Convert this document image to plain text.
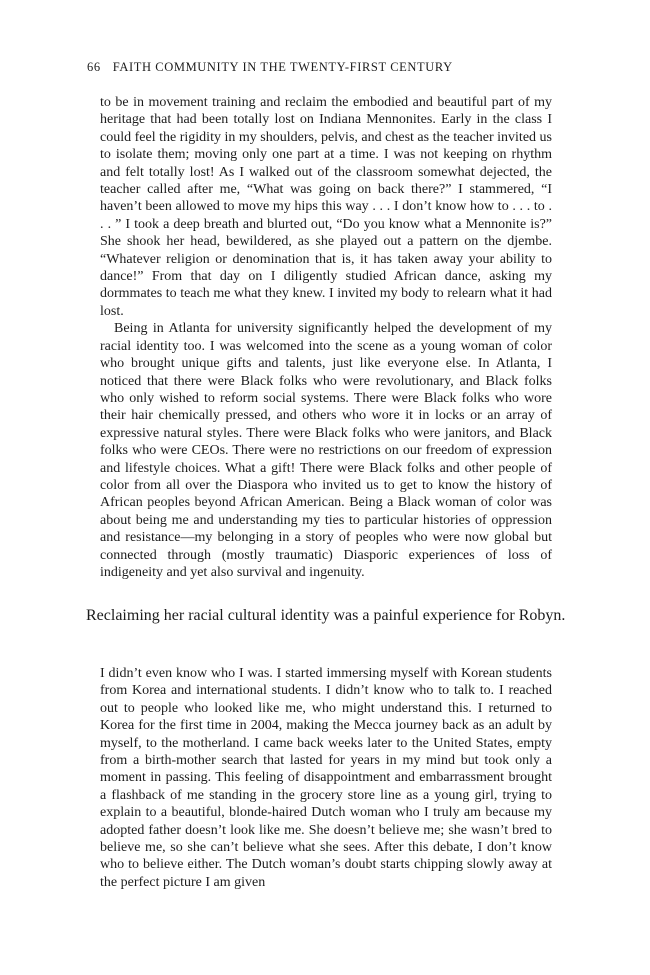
66 FAITH COMMUNITY IN THE TWENTY-FIRST CENTURY

to be in movement training and reclaim the embodied and beautiful part of my heritage that had been totally lost on Indiana Mennonites. Early in the class I could feel the rigidity in my shoulders, pelvis, and chest as the teacher invited us to isolate them; moving only one part at a time. I was not keeping on rhythm and felt totally lost! As I walked out of the classroom somewhat dejected, the teacher called after me, “What was going on back there?” I stammered, “I haven’t been allowed to move my hips this way . . . I don’t know how to . . . to . . . ” I took a deep breath and blurted out, “Do you know what a Mennonite is?” She shook her head, bewildered, as she played out a pattern on the djembe. “Whatever religion or denomination that is, it has taken away your ability to dance!” From that day on I diligently studied African dance, asking my dormmates to teach me what they knew. I invited my body to relearn what it had lost.

Being in Atlanta for university significantly helped the development of my racial identity too. I was welcomed into the scene as a young woman of color who brought unique gifts and talents, just like everyone else. In Atlanta, I noticed that there were Black folks who were revolutionary, and Black folks who only wished to reform social systems. There were Black folks who wore their hair chemically pressed, and others who wore it in locks or an array of expressive natural styles. There were Black folks who were janitors, and Black folks who were CEOs. There were no restrictions on our freedom of expression and lifestyle choices. What a gift! There were Black folks and other people of color from all over the Diaspora who invited us to get to know the history of African peoples beyond African American. Being a Black woman of color was about being me and understanding my ties to particular histories of oppression and resistance—my belonging in a story of peoples who were now global but connected through (mostly traumatic) Diasporic experiences of loss of indigeneity and yet also survival and ingenuity.

Reclaiming her racial cultural identity was a painful experience for Robyn.

I didn’t even know who I was. I started immersing myself with Korean students from Korea and international students. I didn’t know who to talk to. I reached out to people who looked like me, who might understand this. I returned to Korea for the first time in 2004, making the Mecca journey back as an adult by myself, to the motherland. I came back weeks later to the United States, empty from a birth-mother search that lasted for years in my mind but took only a moment in passing. This feeling of disappointment and embarrassment brought a flashback of me standing in the grocery store line as a young girl, trying to explain to a beautiful, blonde-haired Dutch woman who I truly am because my adopted father doesn’t look like me. She doesn’t believe me; she wasn’t bred to believe me, so she can’t believe what she sees. After this debate, I don’t know who to believe either. The Dutch woman’s doubt starts chipping slowly away at the perfect picture I am given
